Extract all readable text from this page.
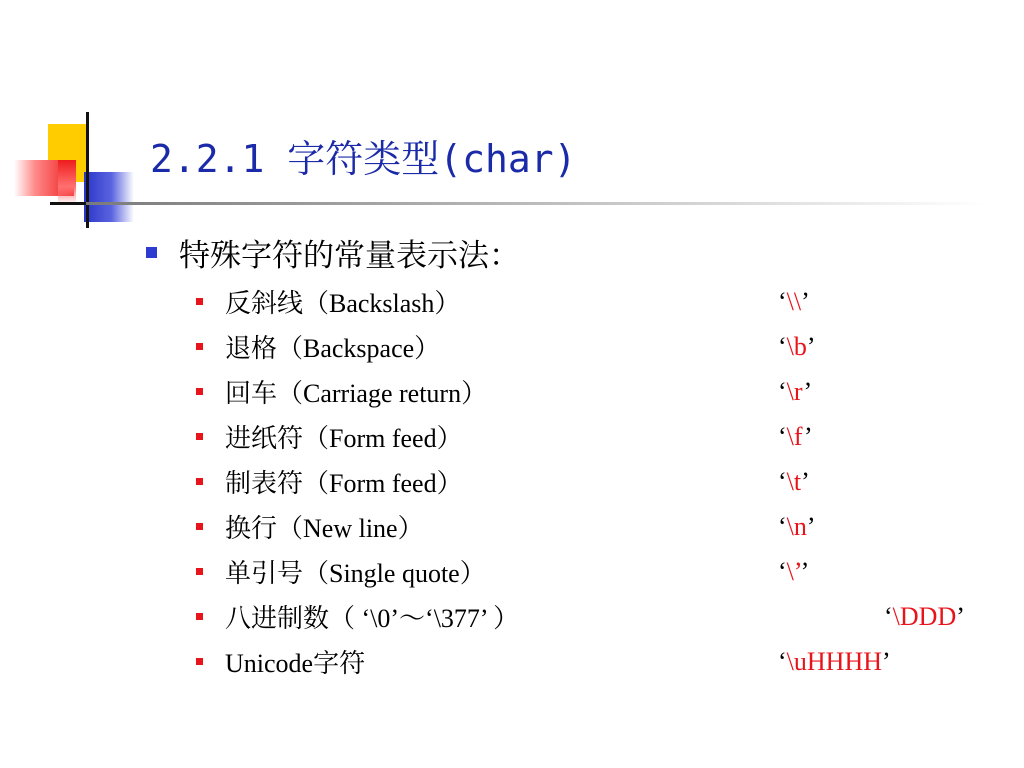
2.2.1 字符类型(char)
特殊字符的常量表示法：
反斜线（Backslash）	‘\\’
退格（Backspace）	‘\b’
回车（Carriage return）	‘\r’
进纸符（Form feed）	‘\f’
制表符（Form feed）	‘\t’
换行（New line）	‘\n’
单引号（Single quote）	‘\’’
八进制数（ ‘\0’～‘\377’ ）	‘\DDD’
Unicode字符	‘\uHHHH’
